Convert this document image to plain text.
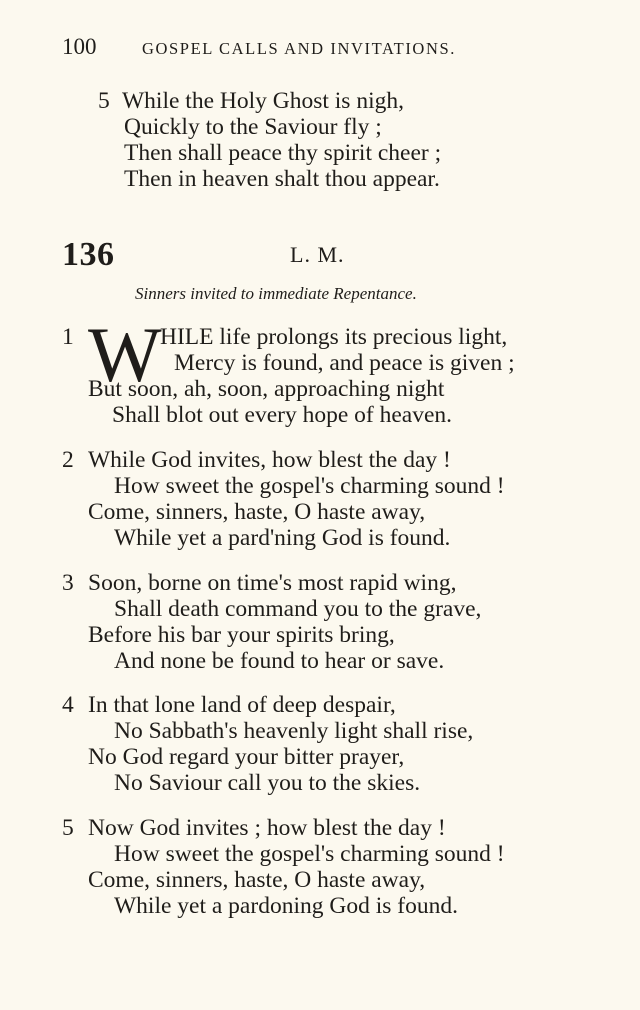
100	GOSPEL CALLS AND INVITATIONS.
5 While the Holy Ghost is nigh,
Quickly to the Saviour fly ;
Then shall peace thy spirit cheer ;
Then in heaven shalt thou appear.
136	L. M.
Sinners invited to immediate Repentance.
1 W HILE life prolongs its precious light,
Mercy is found, and peace is given ;
But soon, ah, soon, approaching night
Shall blot out every hope of heaven.
2 While God invites, how blest the day !
How sweet the gospel's charming sound !
Come, sinners, haste, O haste away,
While yet a pard'ning God is found.
3 Soon, borne on time's most rapid wing,
Shall death command you to the grave,
Before his bar your spirits bring,
And none be found to hear or save.
4 In that lone land of deep despair,
No Sabbath's heavenly light shall rise,
No God regard your bitter prayer,
No Saviour call you to the skies.
5 Now God invites ; how blest the day !
How sweet the gospel's charming sound !
Come, sinners, haste, O haste away,
While yet a pardoning God is found.
